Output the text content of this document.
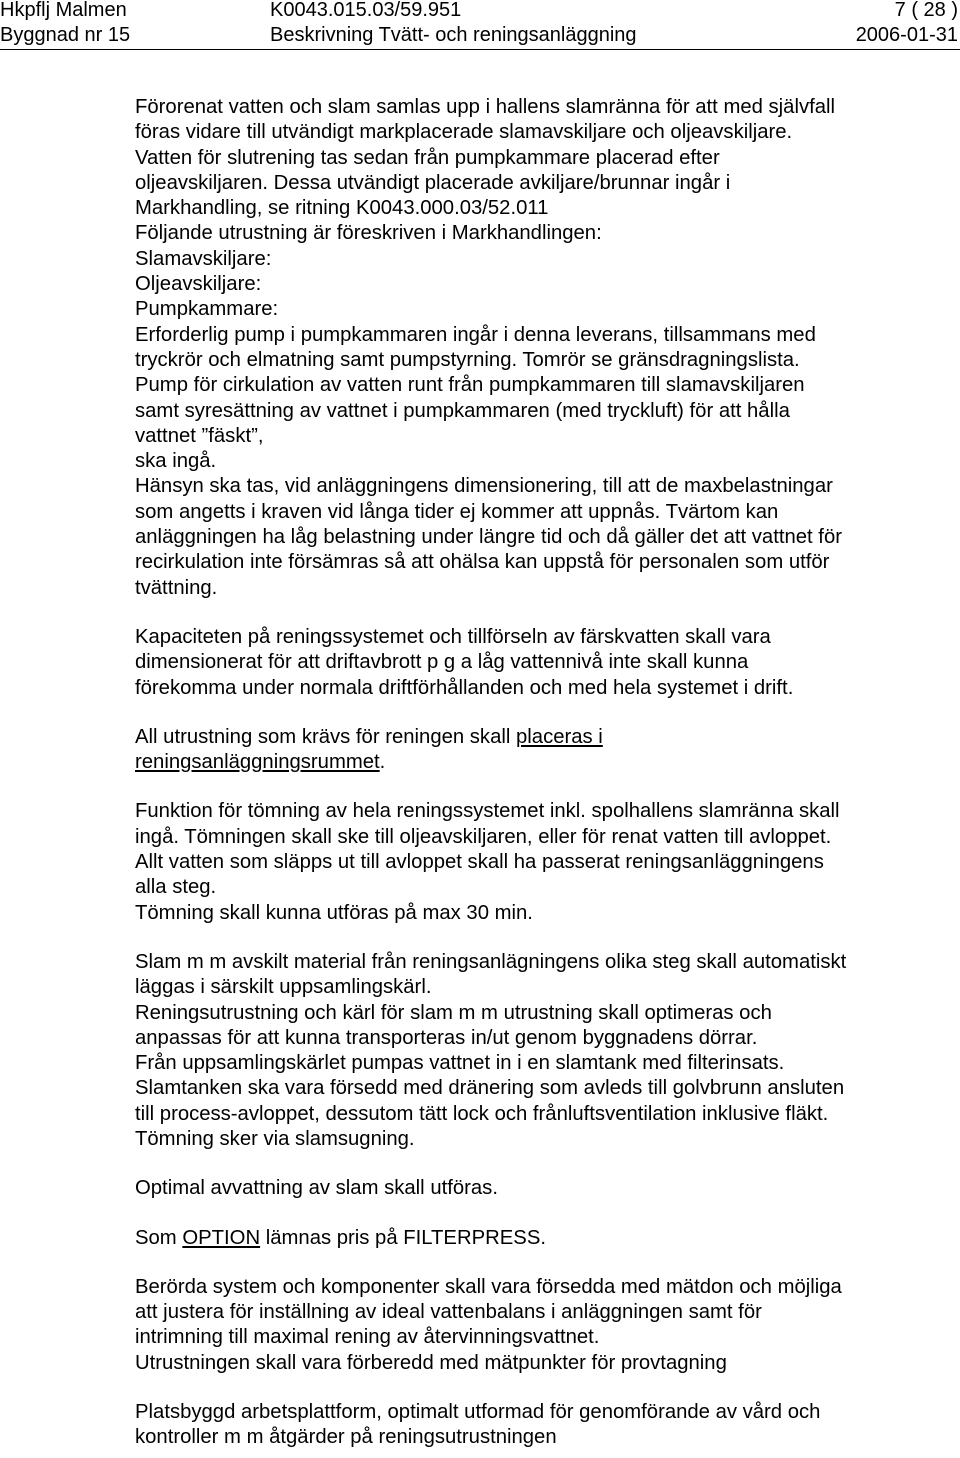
Hkpflj Malmen	K0043.015.03/59.951	7 ( 28 )
Byggnad nr 15	Beskrivning Tvätt- och reningsanläggning	2006-01-31
Förorenat vatten och slam samlas upp i hallens slamränna för att med självfall
föras vidare till utvändigt markplacerade slamavskiljare och oljeavskiljare.
Vatten för slutrening tas sedan från pumpkammare placerad efter
oljeavskiljaren. Dessa utvändigt placerade avkiljare/brunnar ingår i
Markhandling, se ritning K0043.000.03/52.011
Följande utrustning är föreskriven i Markhandlingen:
Slamavskiljare:
Oljeavskiljare:
Pumpkammare:
Erforderlig pump i pumpkammaren ingår i denna leverans, tillsammans med
tryckrör och elmatning samt pumpstyrning. Tomrör se gränsdragningslista.
Pump för cirkulation av vatten runt från pumpkammaren till slamavskiljaren
samt syresättning av vattnet i pumpkammaren (med tryckluft) för att hålla
vattnet ”fäskt”,
ska ingå.
Hänsyn ska tas, vid anläggningens dimensionering, till att de maxbelastningar
som angetts i kraven vid långa tider ej kommer att uppnås. Tvärtom kan
anläggningen ha låg belastning under längre tid och då gäller det att vattnet för
recirkulation inte försämras så att ohälsa kan uppstå för personalen som utför
tvättning.
Kapaciteten på reningssystemet och tillförseln av färskvatten skall vara
dimensionerat för att driftavbrott p g a låg vattennivå inte skall kunna
förekomma under normala driftförhållanden och med hela systemet i drift.
All utrustning som krävs för reningen skall placeras i
reningsanläggningsrummet.
Funktion för tömning av hela reningssystemet inkl. spolhallens slamränna skall
ingå. Tömningen skall ske till oljeavskiljaren, eller för renat vatten till avloppet.
Allt vatten som släpps ut till avloppet skall ha passerat reningsanläggningens
alla steg.
Tömning skall kunna utföras på max 30 min.
Slam m m avskilt material från reningsanlägningens olika steg skall automatiskt
läggas i särskilt uppsamlingskärl.
Reningsutrustning och kärl för slam m m utrustning skall optimeras och
anpassas för att kunna transporteras in/ut genom byggnadens dörrar.
Från uppsamlingskärlet pumpas vattnet in i en slamtank med filterinsats.
Slamtanken ska vara försedd med dränering som avleds till golvbrunn ansluten
till process-avloppet, dessutom tätt lock och frånluftsventilation inklusive fläkt.
Tömning sker via slamsugning.
Optimal avvattning av slam skall utföras.
Som OPTION lämnas pris på FILTERPRESS.
Berörda system och komponenter skall vara försedda med mätdon och möjliga
att justera för inställning av ideal vattenbalans i anläggningen samt för
intrimning till maximal rening av återvinningsvattnet.
Utrustningen skall vara förberedd med mätpunkter för provtagning
Platsbyggd arbetsplattform, optimalt utformad för genomförande av vård och
kontroller m m åtgärder på reningsutrustningen
